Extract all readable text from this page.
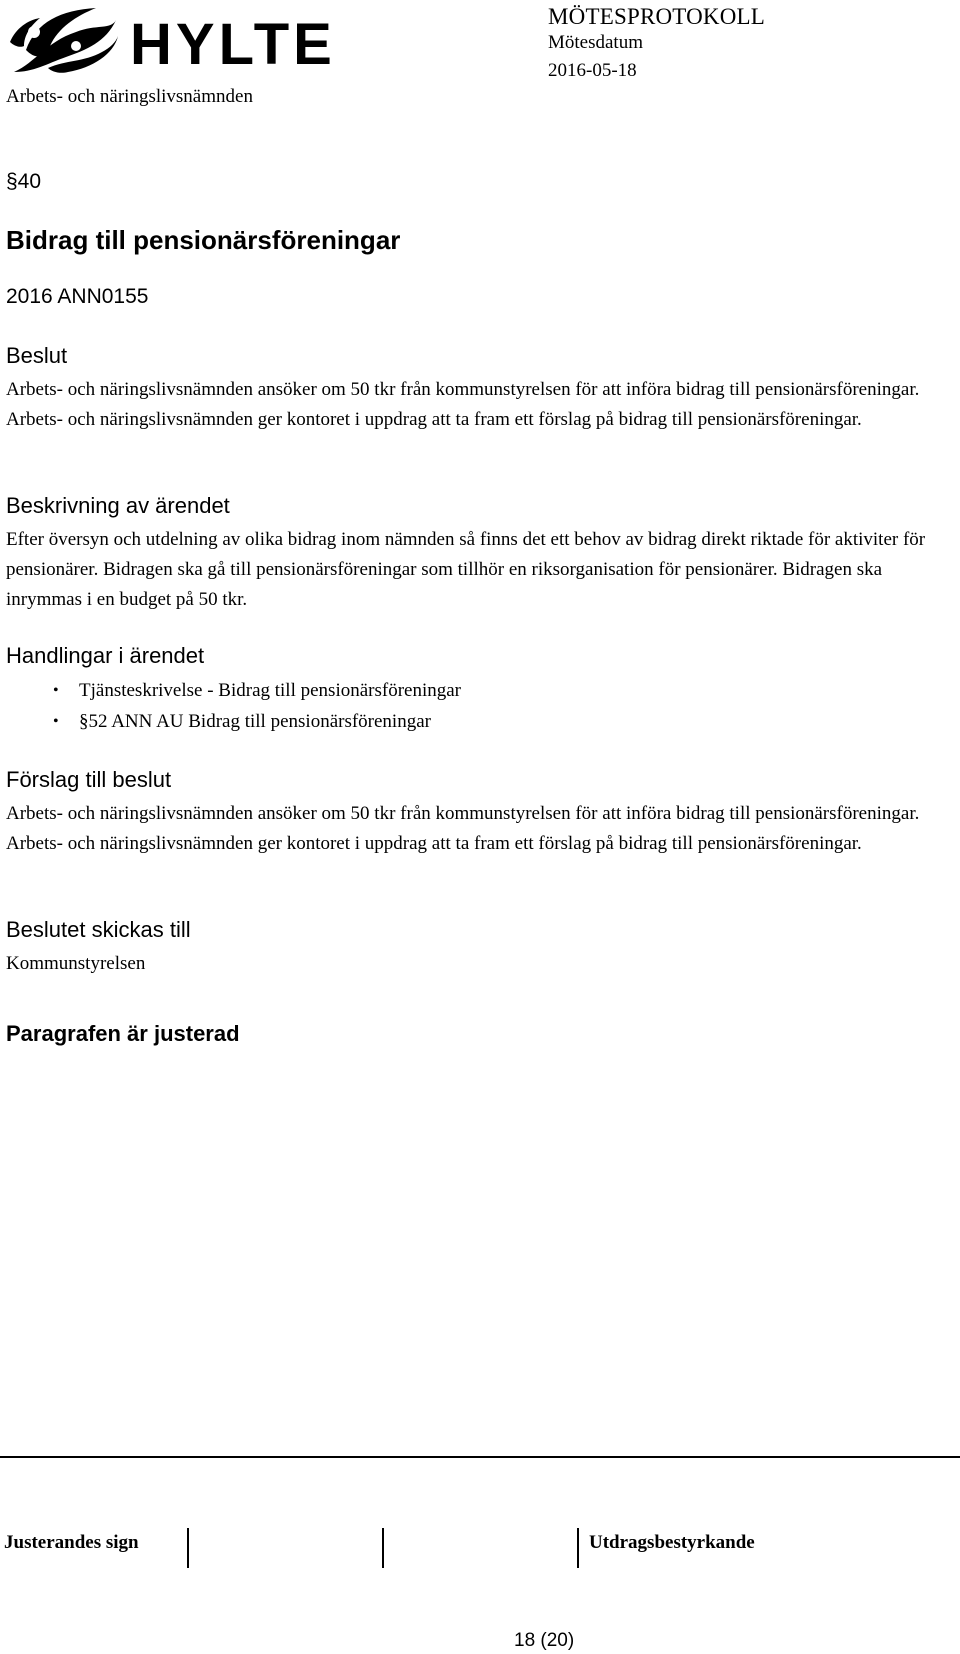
HYLTE
Arbets- och näringslivsnämnden
MÖTESPROTOKOLL
Mötesdatum
2016-05-18
§40
Bidrag till pensionärsföreningar
2016 ANN0155
Beslut

Arbets- och näringslivsnämnden ansöker om 50 tkr från kommunstyrelsen för att införa bidrag till pensionärsföreningar. Arbets- och näringslivsnämnden ger kontoret i uppdrag att ta fram ett förslag på bidrag till pensionärsföreningar.

Beskrivning av ärendet

Efter översyn och utdelning av olika bidrag inom nämnden så finns det ett behov av bidrag direkt riktade för aktiviter för pensionärer. Bidragen ska gå till pensionärsföreningar som tillhör en riksorganisation för pensionärer. Bidragen ska inrymmas i en budget på 50 tkr.

Handlingar i ärendet
• Tjänsteskrivelse - Bidrag till pensionärsföreningar
• §52 ANN AU Bidrag till pensionärsföreningar
Förslag till beslut

Arbets- och näringslivsnämnden ansöker om 50 tkr från kommunstyrelsen för att införa bidrag till pensionärsföreningar. Arbets- och näringslivsnämnden ger kontoret i uppdrag att ta fram ett förslag på bidrag till pensionärsföreningar.

Beslutet skickas till

Kommunstyrelsen

Paragrafen är justerad
Justerandes sign	Utdragsbestyrkande
18 (20)
